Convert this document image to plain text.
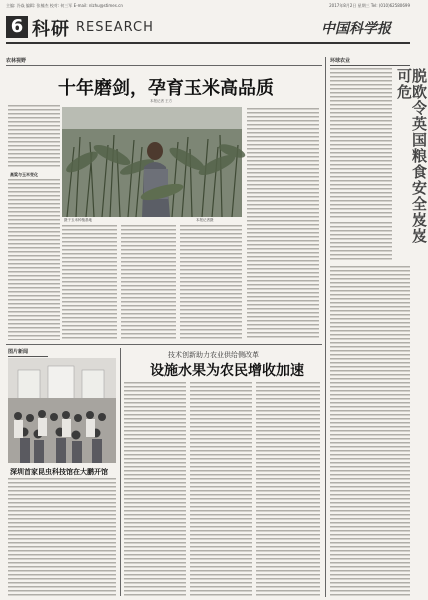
主编: 冷焱 编辑: 张楠杰 校对: 何三军 E-mail: nlzhu@stimes.cn	2017年8月2日 星期三 Tel: (010)62580699
6 科研 RESEARCH	中国科学报
农林视野
十年磨剑，孕育玉米高品质
本报记者 王方
高粱与玉米变化
摄于玉米种植基地	本报记者摄
环球农业
脱欧令英国粮食安全岌岌可危
图片新闻
深圳首家昆虫科技馆在大鹏开馆
技术创新助力农业供给侧改革
设施水果为农民增收加速
